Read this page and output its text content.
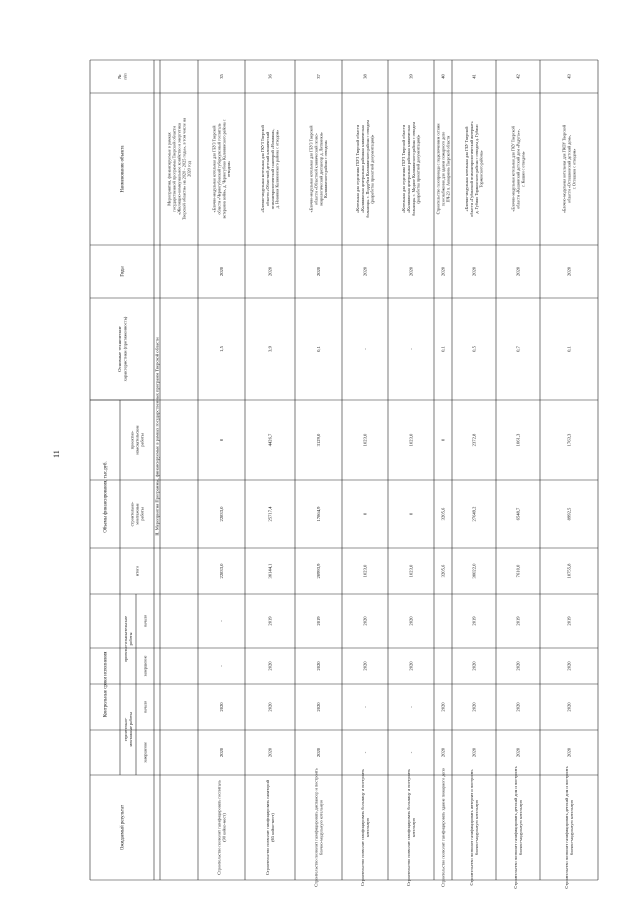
11
№п/п
Наименование объекта
Годы
Основные техническиехарактеристики (протяженность)
Объемы финансирования, тыс.руб.
проектно-изыскательскиеработы
строительно-монтажныеработы
итого
Контрольные сроки исполнения
проектно-изыскательскиеработы
строительно-монтажные работы
начало
завершение
начало
завершение
Ожидаемый результат
II. Мероприятия Программы, финансируемые в рамках государственных программ Тверской области
Мероприятия, финансируемые в рамкахгосударственной программы Тверской области«Жилищно-коммунальное хозяйство и энергетикаТверской области» на 2020 - 2025 годы», в том числе на2020 год
35
«Блочно-модульная котельная для ГБУЗ Тверскойобласти «Черногубовский туберкулезный госпитальветеранов войн», д. Черногубово Калининского района сотводом»
2020
1,5
0
22833,0
22833,0
-
-
2020
2020
Строительство позволит газифицировать госпиталь(90 койко-мест)
36
«Блочно-модульная котельная для ГКУЗ Тверскойобласти «Областной детский клиническийпсихоневрологический санаторий «Новинки»,д. Новинки Калининского района с отводом»
2020
3,9
4426,7
25717,4
30144,1
2019
2020
2020
2020
Строительство позволит газифицировать санаторий(65 койко-мест)
37
«Блочно-модульная котельная для ГБУЗ Тверскойобласти «Областной клинический психо-неврологический диспансер д. Литвинки»Калининского района с отводом»
2020
0,1
3129,0
17864,9
20993,9
2019
2020
2020
2020
Строительство позволит газифицировать диспансер и построитьблочно-модульную котельную
38
«Котельная для отделения ГБУЗ Тверской области«Калининская центральная районная клиническаябольница» с. Поддубки Калининского района с отводом(разработка проектной документации)»
2020
-
1023,0
0
1023,0
2020
2020
-
-
Строительство позволит газифицировать больницу и построитькотельную
39
«Котельная для отделения ГБУЗ Тверской области«Калининская центральная районная клиническаябольница» с. Медное Калининского района с отводом(разработка проектной документации)»
2020
-
1023,0
0
1023,0
2020
2020
-
-
Строительство позволит газифицировать больницу и построитькотельную
40
Строительство газопровода с подключением сетямигазоснабжения для здания пожарного депоПЧ-23 п. Аквариовь Тверской области
2020
0,1
0
3205,6
3205,6
2020
2020
Строительство позволит газифицировать здание пожарного депо
41
«Блочно-модульная котельная для ГБУ Тверскойобласти «Губинский психоневрологический интернат»д. Губино Торжокского района с отводом д. ГубиноТоржокского района»
2020
0,5
2372,8
27649,2
30022,0
2019
2020
2020
2020
Строительство позволит газифицировать интернат и построитьблочно-модульную котельную
42
«Блочно-модульная котельная для ГКУ Тверскойобласти «Кашинский детский дом «Радуга»»,г. Кашин с отводом»
2020
0,7
1061,3
6548,7
7610,0
2019
2020
2020
2020
Строительство позволит газифицировать детский дом и построитьблочно-модульную котельную
43
«Блочно-модульная котельная для ГКОУ Тверскойобласти «Осташковский детский дом»,г. Осташков с отводом»
2020
0,1
1763,3
8992,5
10755,8
2019
2020
2020
2020
Строительство позволит газифицировать детский дом и построитьблочно-модульную котельную
